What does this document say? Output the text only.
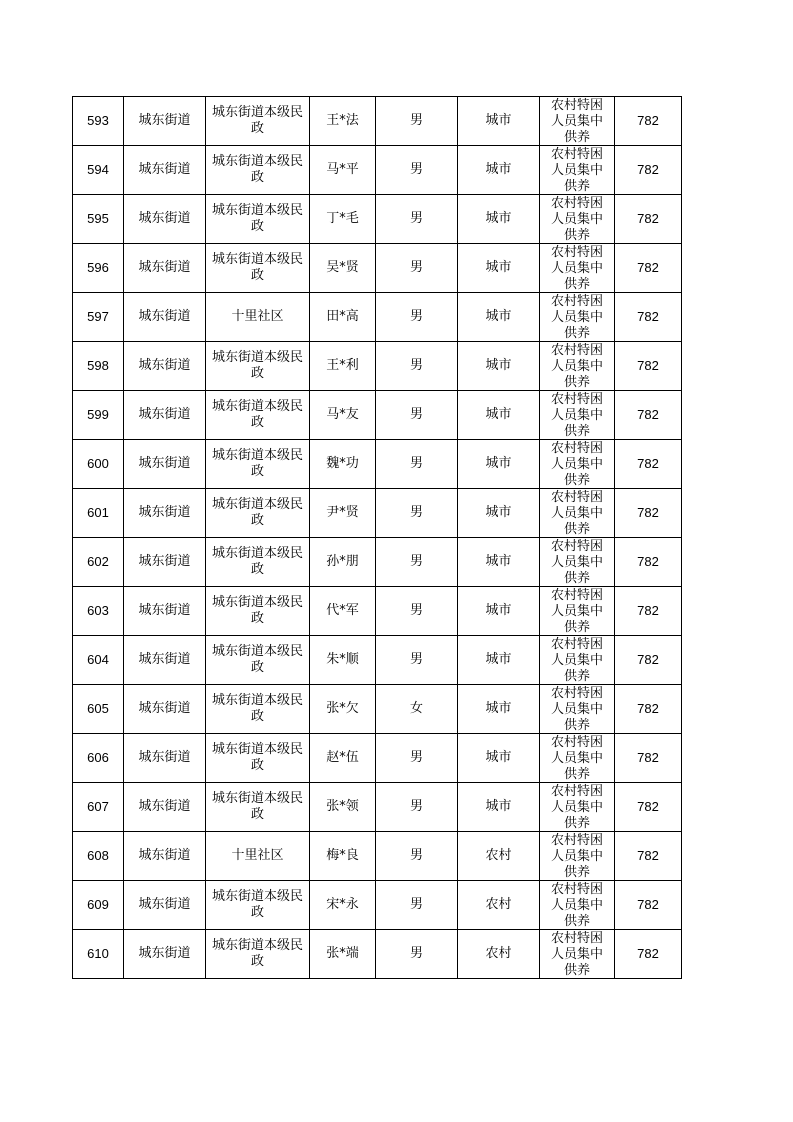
593	城东街道	城东街道本级民政	王*法	男	城市	农村特困人员集中供养	782
594	城东街道	城东街道本级民政	马*平	男	城市	农村特困人员集中供养	782
595	城东街道	城东街道本级民政	丁*毛	男	城市	农村特困人员集中供养	782
596	城东街道	城东街道本级民政	吴*贤	男	城市	农村特困人员集中供养	782
597	城东街道	十里社区	田*高	男	城市	农村特困人员集中供养	782
598	城东街道	城东街道本级民政	王*利	男	城市	农村特困人员集中供养	782
599	城东街道	城东街道本级民政	马*友	男	城市	农村特困人员集中供养	782
600	城东街道	城东街道本级民政	魏*功	男	城市	农村特困人员集中供养	782
601	城东街道	城东街道本级民政	尹*贤	男	城市	农村特困人员集中供养	782
602	城东街道	城东街道本级民政	孙*朋	男	城市	农村特困人员集中供养	782
603	城东街道	城东街道本级民政	代*军	男	城市	农村特困人员集中供养	782
604	城东街道	城东街道本级民政	朱*顺	男	城市	农村特困人员集中供养	782
605	城东街道	城东街道本级民政	张*欠	女	城市	农村特困人员集中供养	782
606	城东街道	城东街道本级民政	赵*伍	男	城市	农村特困人员集中供养	782
607	城东街道	城东街道本级民政	张*领	男	城市	农村特困人员集中供养	782
608	城东街道	十里社区	梅*良	男	农村	农村特困人员集中供养	782
609	城东街道	城东街道本级民政	宋*永	男	农村	农村特困人员集中供养	782
610	城东街道	城东街道本级民政	张*端	男	农村	农村特困人员集中供养	782
